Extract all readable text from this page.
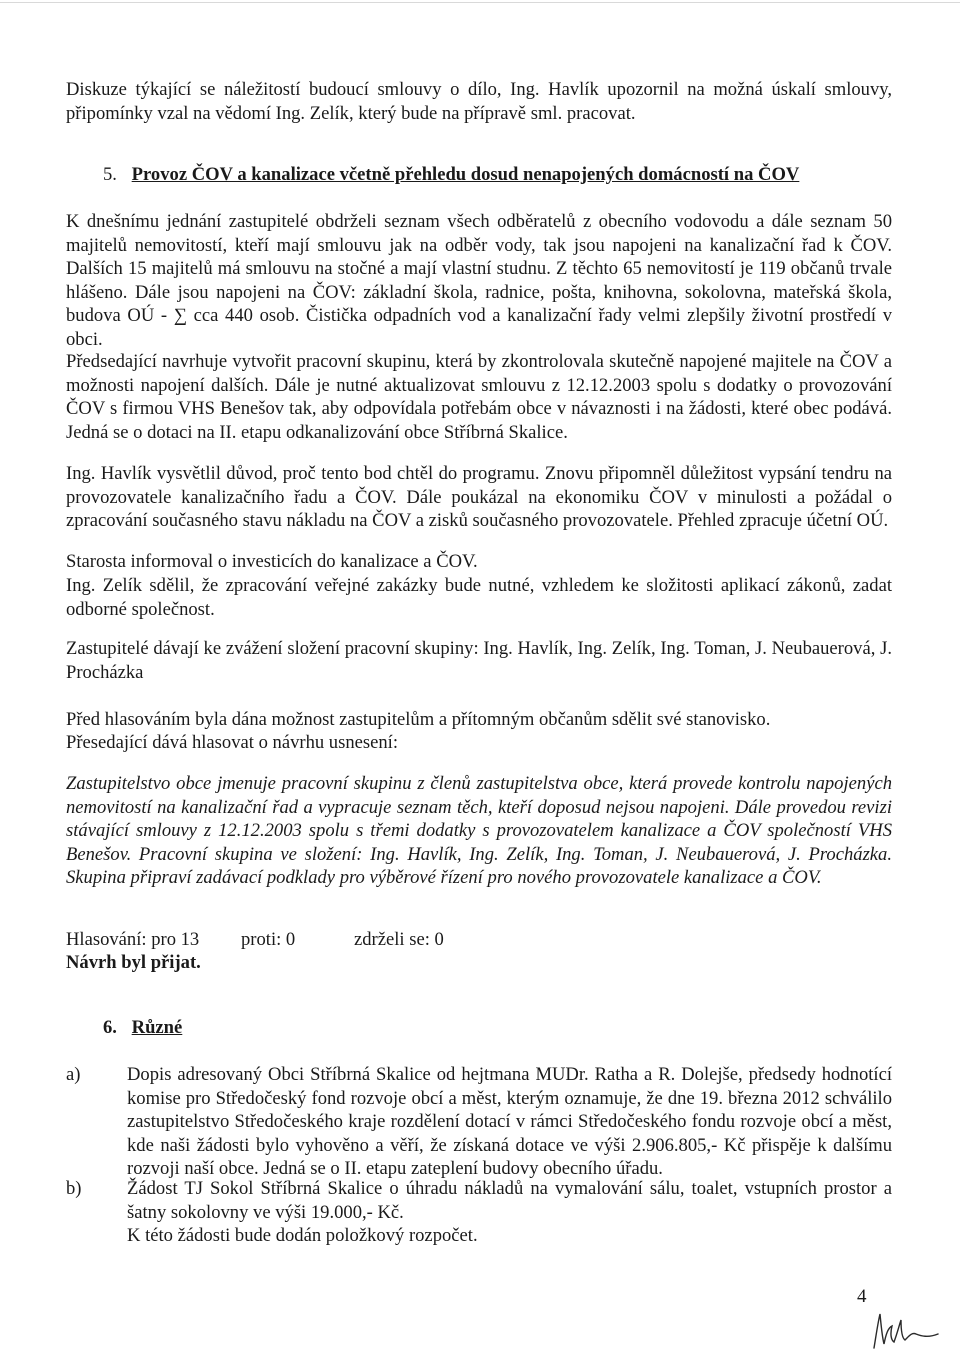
Diskuze týkající se náležitostí budoucí smlouvy o dílo, Ing. Havlík upozornil na možná úskalí smlouvy, připomínky vzal na vědomí Ing. Zelík, který bude na přípravě sml. pracovat.

5. Provoz ČOV a kanalizace včetně přehledu dosud nenapojených domácností na ČOV

K dnešnímu jednání zastupitelé obdrželi seznam všech odběratelů z obecního vodovodu a dále seznam 50 majitelů nemovitostí, kteří mají smlouvu jak na odběr vody, tak jsou napojeni na kanalizační řad k ČOV. Dalších 15 majitelů má smlouvu na stočné a mají vlastní studnu. Z těchto 65 nemovitostí je 119 občanů trvale hlášeno. Dále jsou napojeni na ČOV: základní škola, radnice, pošta, knihovna, sokolovna, mateřská škola, budova OÚ - ∑ cca 440 osob. Čistička odpadních vod a kanalizační řady velmi zlepšily životní prostředí v obci.

Předsedající navrhuje vytvořit pracovní skupinu, která by zkontrolovala skutečně napojené majitele na ČOV a možnosti napojení dalších. Dále je nutné aktualizovat smlouvu z 12.12.2003 spolu s dodatky o provozování ČOV s firmou VHS Benešov tak, aby odpovídala potřebám obce v návaznosti i na žádosti, které obec podává. Jedná se o dotaci na II. etapu odkanalizování obce Stříbrná Skalice.

Ing. Havlík vysvětlil důvod, proč tento bod chtěl do programu. Znovu připomněl důležitost vypsání tendru na provozovatele kanalizačního řadu a ČOV. Dále poukázal na ekonomiku ČOV v minulosti a požádal o zpracování současného stavu nákladu na ČOV a zisků současného provozovatele. Přehled zpracuje účetní OÚ.

Starosta informoval o investicích do kanalizace a ČOV.

Ing. Zelík sdělil, že zpracování veřejné zakázky bude nutné, vzhledem ke složitosti aplikací zákonů, zadat odborné společnost.

Zastupitelé dávají ke zvážení složení pracovní skupiny: Ing. Havlík, Ing. Zelík, Ing. Toman, J. Neubauerová, J. Procházka

Před hlasováním byla dána možnost zastupitelům a přítomným občanům sdělit své stanovisko.

Přesedající dává hlasovat o návrhu usnesení:

Zastupitelstvo obce jmenuje pracovní skupinu z členů zastupitelstva obce, která provede kontrolu napojených nemovitostí na kanalizační řad a vypracuje seznam těch, kteří doposud nejsou napojeni. Dále provedou revizi stávající smlouvy z 12.12.2003 spolu s třemi dodatky s provozovatelem kanalizace a ČOV společností VHS Benešov. Pracovní skupina ve složení: Ing. Havlík, Ing. Zelík, Ing. Toman, J. Neubauerová, J. Procházka. Skupina připraví zadávací podklady pro výběrové řízení pro nového provozovatele kanalizace a ČOV.

Hlasování: pro 13 proti: 0	zdrželi se: 0
Návrh byl přijat.
6. Různé
a)	Dopis adresovaný Obci Stříbrná Skalice od hejtmana MUDr. Ratha a R. Dolejše, předsedy hodnotící komise pro Středočeský fond rozvoje obcí a měst, kterým oznamuje, že dne 19. března 2012 schválilo zastupitelstvo Středočeského kraje rozdělení dotací v rámci Středočeského fondu rozvoje obcí a měst, kde naši žádosti bylo vyhověno a věří, že získaná dotace ve výši 2.906.805,- Kč přispěje k dalšímu rozvoji naší obce. Jedná se o II. etapu zateplení budovy obecního úřadu.

b)	Žádost TJ Sokol Stříbrná Skalice o úhradu nákladů na vymalování sálu, toalet, vstupních prostor a šatny sokolovny ve výši 19.000,- Kč.

K této žádosti bude dodán položkový rozpočet.

4
